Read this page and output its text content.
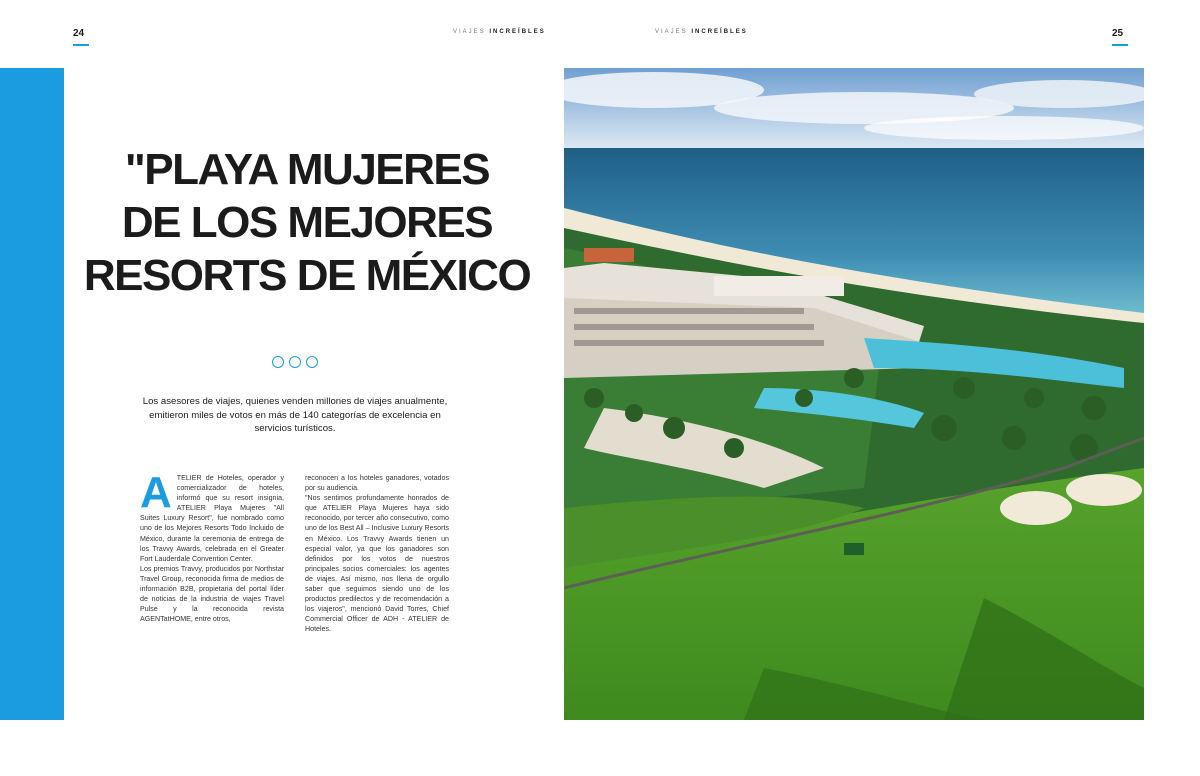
24	VIAJES INCREÍBLES	VIAJES INCREÍBLES	25
"PLAYA MUJERES
DE LOS MEJORES
RESORTS DE MÉXICO

Los asesores de viajes, quienes venden millones de viajes anualmente, emitieron miles de votos en más de 140 categorías de excelencia en servicios turísticos.

A TELIER de Hoteles, operador y comercializador de hoteles, informó que su resort insignia, ATELIER Playa Mujeres "All Suites Luxury Resort", fue nombrado como uno de los Mejores Resorts Todo Incluido de México, durante la ceremonia de entrega de los Travvy Awards, celebrada en el Greater Fort Lauderdale Convention Center.

Los premios Travvy, producidos por Northstar Travel Group, reconocida firma de medios de información B2B, propietaria del portal líder de noticias de la industria de viajes Travel Pulse y la reconocida revista AGENTatHOME, entre otros,

reconocen a los hoteles ganadores, votados por su audiencia.

"Nos sentimos profundamente honrados de que ATELIER Playa Mujeres haya sido reconocido, por tercer año consecutivo, como uno de los Best All – Inclusive Luxury Resorts en México. Los Travvy Awards tienen un especial valor, ya que los ganadores son definidos por los votos de nuestros principales socios comerciales: los agentes de viajes. Así mismo, nos llena de orgullo saber que seguimos siendo uno de los productos predilectos y de recomendación a los viajeros", mencionó David Torres, Chief Commercial Officer de ADH - ATELIER de Hoteles.
